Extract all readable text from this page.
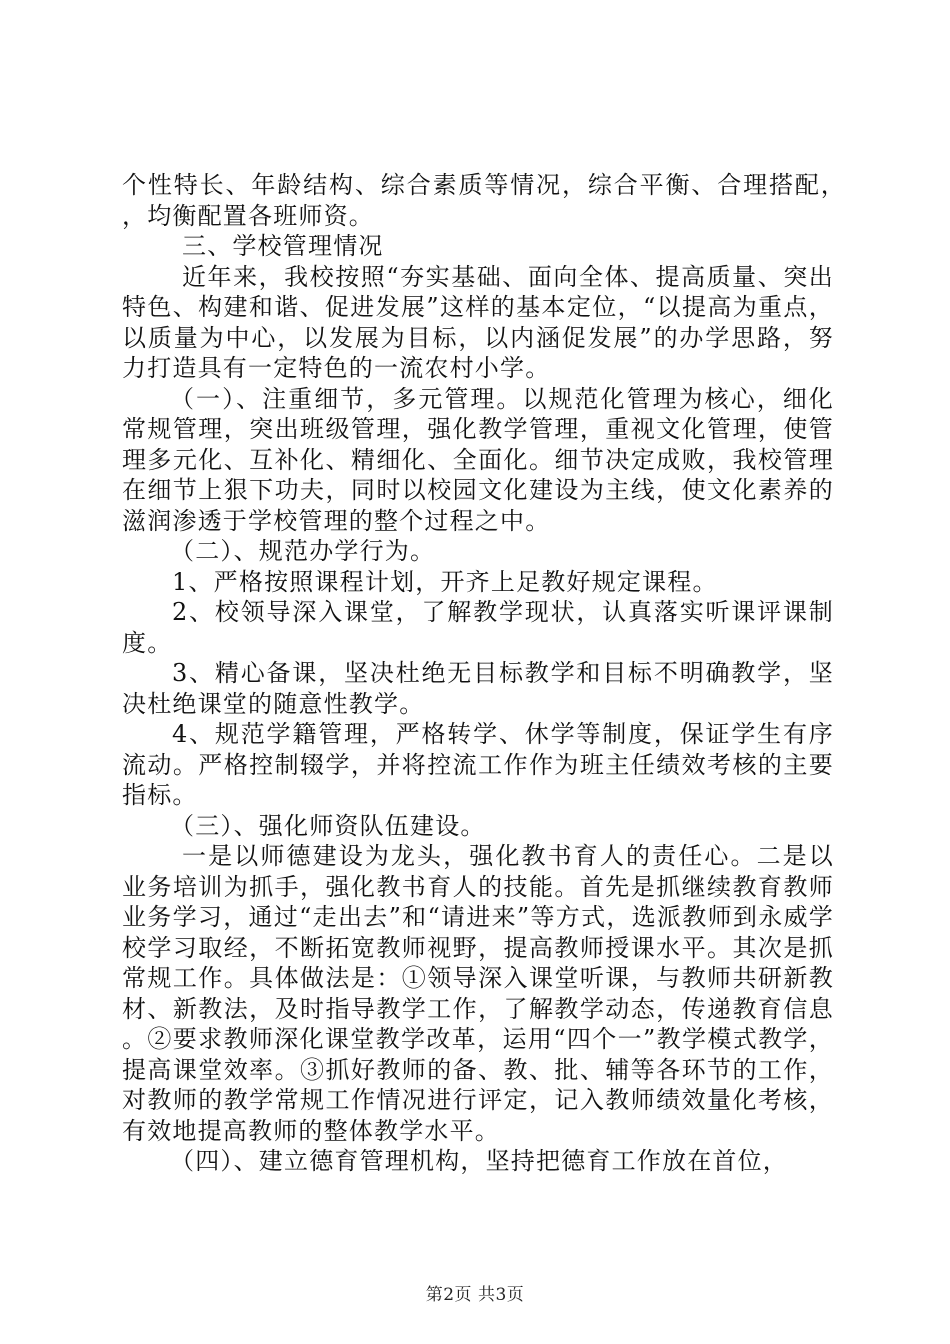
个性特长、年龄结构、综合素质等情况，综合平衡、合理搭配，，均衡配置各班师资。

三、学校管理情况

近年来，我校按照“夯实基础、面向全体、提高质量、突出特色、构建和谐、促进发展”这样的基本定位，“以提高为重点，以质量为中心，以发展为目标，以内涵促发展”的办学思路，努力打造具有一定特色的一流农村小学。

（一）、注重细节，多元管理。以规范化管理为核心，细化常规管理，突出班级管理，强化教学管理，重视文化管理，使管理多元化、互补化、精细化、全面化。细节决定成败，我校管理在细节上狠下功夫，同时以校园文化建设为主线，使文化素养的滋润渗透于学校管理的整个过程之中。

（二）、规范办学行为。

1、严格按照课程计划，开齐上足教好规定课程。

2、校领导深入课堂，了解教学现状，认真落实听课评课制度。

3、精心备课，坚决杜绝无目标教学和目标不明确教学，坚决杜绝课堂的随意性教学。

4、规范学籍管理，严格转学、休学等制度，保证学生有序流动。严格控制辍学，并将控流工作作为班主任绩效考核的主要指标。

（三）、强化师资队伍建设。

一是以师德建设为龙头，强化教书育人的责任心。二是以业务培训为抓手，强化教书育人的技能。首先是抓继续教育教师业务学习，通过“走出去”和“请进来”等方式，选派教师到永威学校学习取经，不断拓宽教师视野，提高教师授课水平。其次是抓常规工作。具体做法是：①领导深入课堂听课，与教师共研新教材、新教法，及时指导教学工作，了解教学动态，传递教育信息。②要求教师深化课堂教学改革，运用“四个一”教学模式教学，提高课堂效率。③抓好教师的备、教、批、辅等各环节的工作，对教师的教学常规工作情况进行评定，记入教师绩效量化考核，有效地提高教师的整体教学水平。

（四）、建立德育管理机构，坚持把德育工作放在首位，

第2页 共3页
